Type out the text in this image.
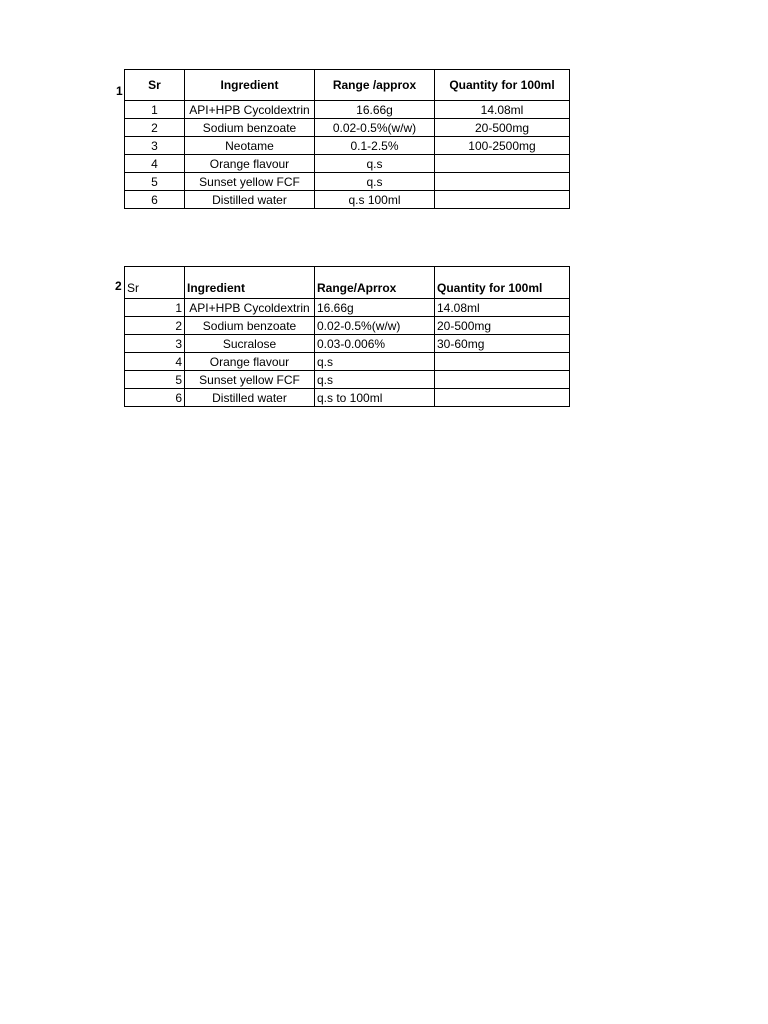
1 Sr	Ingredient	Range /approx	Quantity for 100ml
1	API+HPB Cycoldextrin	16.66g	14.08ml
2	Sodium benzoate	0.02-0.5%(w/w)	20-500mg
3	Neotame	0.1-2.5%	100-2500mg
4	Orange flavour	q.s	
5	Sunset yellow FCF	q.s	
6	Distilled water	q.s 100ml	
2 Sr	Ingredient	Range/Aprrox	Quantity for 100ml
1	API+HPB Cycoldextrin	16.66g	14.08ml
2	Sodium benzoate	0.02-0.5%(w/w)	20-500mg
3	Sucralose	0.03-0.006%	30-60mg
4	Orange flavour	q.s	
5	Sunset yellow FCF	q.s	
6	Distilled water	q.s to 100ml	
